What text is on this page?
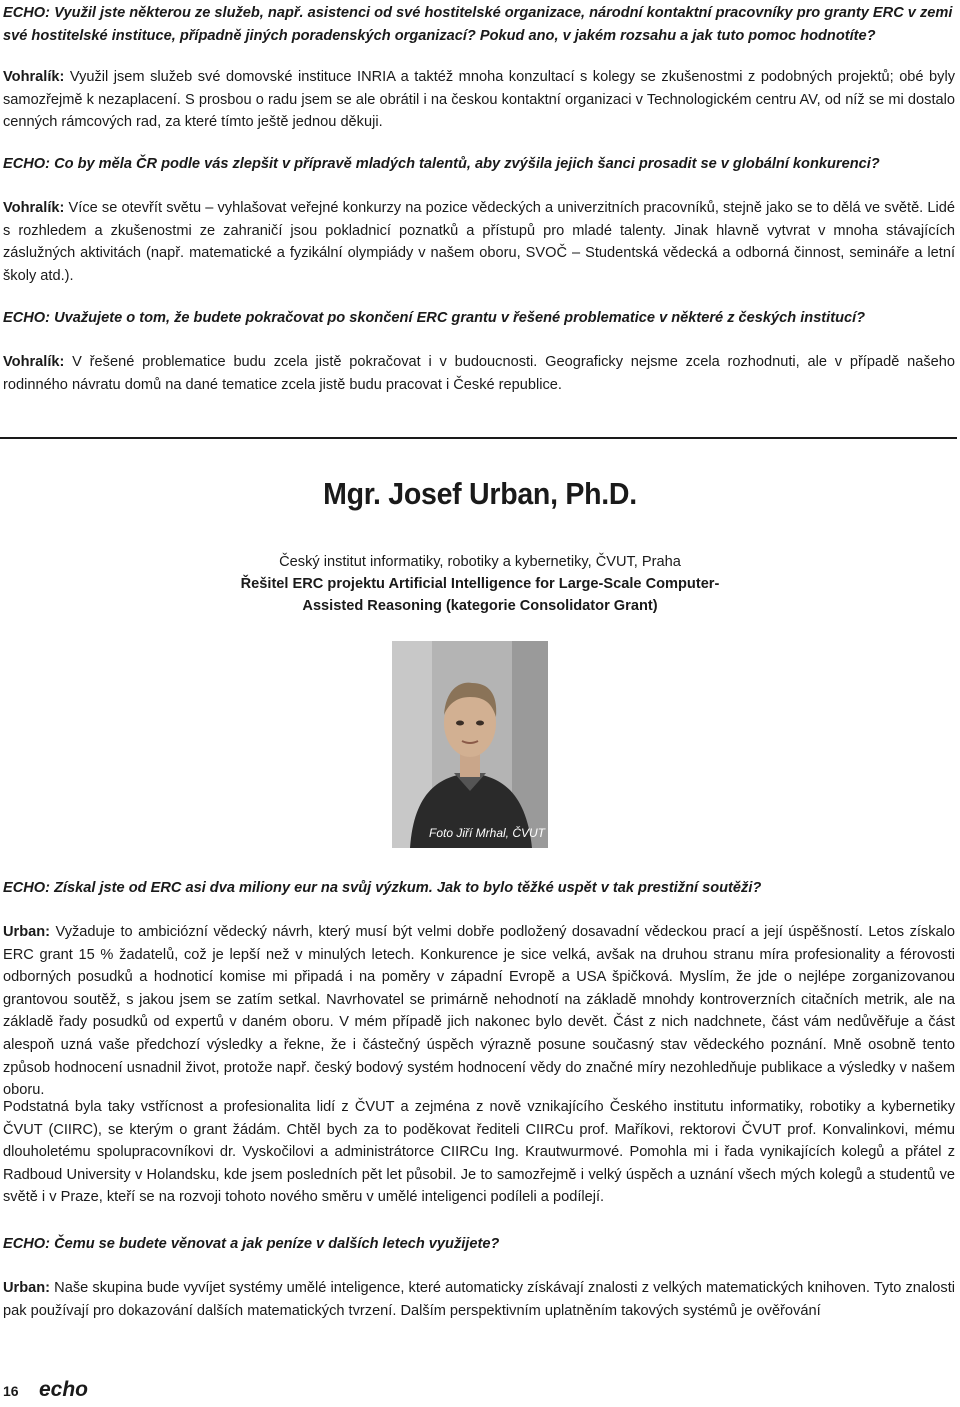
ECHO: Využil jste některou ze služeb, např. asistenci od své hostitelské organizace, národní kontaktní pracovníky pro granty ERC v zemi své hostitelské instituce, případně jiných poradenských organizací? Pokud ano, v jakém rozsahu a jak tuto pomoc hodnotíte?

Vohralík: Využil jsem služeb své domovské instituce INRIA a taktéž mnoha konzultací s kolegy se zkušenostmi z podobných projektů; obé byly samozřejmě k nezaplacení. S prosbou o radu jsem se ale obrátil i na českou kontaktní organizaci v Technologickém centru AV, od níž se mi dostalo cenných rámcových rad, za které tímto ještě jednou děkuji.

ECHO: Co by měla ČR podle vás zlepšit v přípravě mladých talentů, aby zvýšila jejich šanci prosadit se v globální konkurenci?

Vohralík: Více se otevřít světu – vyhlašovat veřejné konkurzy na pozice vědeckých a univerzitních pracovníků, stejně jako se to dělá ve světě. Lidé s rozhledem a zkušenostmi ze zahraničí jsou pokladnicí poznatků a přístupů pro mladé talenty. Jinak hlavně vytvrat v mnoha stávajících záslužných aktivitách (např. matematické a fyzikální olympiády v našem oboru, SVOČ – Studentská vědecká a odborná činnost, semináře a letní školy atd.).

ECHO: Uvažujete o tom, že budete pokračovat po skončení ERC grantu v řešené problematice v některé z českých institucí?

Vohralík: V řešené problematice budu zcela jistě pokračovat i v budoucnosti. Geograficky nejsme zcela rozhodnuti, ale v případě našeho rodinného návratu domů na dané tematice zcela jistě budu pracovat i České republice.

Mgr. Josef Urban, Ph.D.
Český institut informatiky, robotiky a kybernetiky, ČVUT, Praha
Řešitel ERC projektu Artificial Intelligence for Large-Scale Computer-
Assisted Reasoning (kategorie Consolidator Grant)
Foto Jiří Mrhal, ČVUT

ECHO: Získal jste od ERC asi dva miliony eur na svůj výzkum. Jak to bylo těžké uspět v tak prestižní soutěži?

Urban: Vyžaduje to ambiciózní vědecký návrh, který musí být velmi dobře podložený dosavadní vědeckou prací a její úspěšností. Letos získalo ERC grant 15 % žadatelů, což je lepší než v minulých letech. Konkurence je sice velká, avšak na druhou stranu míra profesionality a férovosti odborných posudků a hodnoticí komise mi připadá i na poměry v západní Evropě a USA špičková. Myslím, že jde o nejlépe zorganizovanou grantovou soutěž, s jakou jsem se zatím setkal. Navrhovatel se primárně nehodnotí na základě mnohdy kontroverzních citačních metrik, ale na základě řady posudků od expertů v daném oboru. V mém případě jich nakonec bylo devět. Část z nich nadchnete, část vám nedůvěřuje a část alespoň uzná vaše předchozí výsledky a řekne, že i částečný úspěch výrazně posune současný stav vědeckého poznání. Mně osobně tento způsob hodnocení usnadnil život, protože např. český bodový systém hodnocení vědy do značné míry nezohledňuje publikace a výsledky v našem oboru.

Podstatná byla taky vstřícnost a profesionalita lidí z ČVUT a zejména z nově vznikajícího Českého institutu informatiky, robotiky a kybernetiky ČVUT (CIIRC), se kterým o grant žádám. Chtěl bych za to poděkovat řediteli CIIRCu prof. Maříkovi, rektorovi ČVUT prof. Konvalinkovi, mému dlouholetému spolupracovníkovi dr. Vyskočilovi a administrátorce CIIRCu Ing. Krautwurmové. Pomohla mi i řada vynikajících kolegů a přátel z Radboud University v Holandsku, kde jsem posledních pět let působil. Je to samozřejmě i velký úspěch a uznání všech mých kolegů a studentů ve světě i v Praze, kteří se na rozvoji tohoto nového směru v umělé inteligenci podíleli a podílejí.

ECHO: Čemu se budete věnovat a jak peníze v dalších letech využijete?

Urban: Naše skupina bude vyvíjet systémy umělé inteligence, které automaticky získávají znalosti z velkých matematických knihoven. Tyto znalosti pak používají pro dokazování dalších matematických tvrzení. Dalším perspektivním uplatněním takových systémů je ověřování

16 echo
